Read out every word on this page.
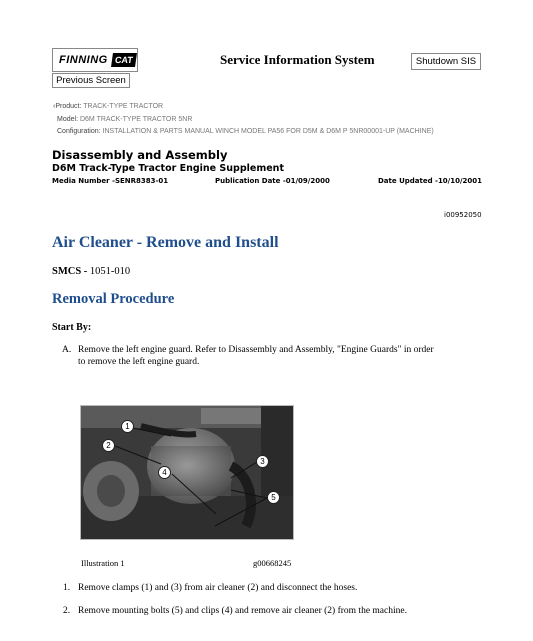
FINNING CAT	Service Information System	Shutdown SIS
Previous Screen
‹Product: TRACK-TYPE TRACTOR
Model: D6M TRACK-TYPE TRACTOR 5NR
Configuration: INSTALLATION & PARTS MANUAL WINCH MODEL PA56 FOR D5M & D6M P 5NR00001-UP (MACHINE)
Disassembly and Assembly
D6M Track-Type Tractor Engine Supplement
Media Number -SENR8383-01	Publication Date -01/09/2000	Date Updated -10/10/2001
i00952050
Air Cleaner - Remove and Install
SMCS - 1051-010
Removal Procedure
Start By:
A. Remove the left engine guard. Refer to Disassembly and Assembly, "Engine Guards" in order
to remove the left engine guard.
1
2
3
4
5
Illustration 1	g00668245
1. Remove clamps (1) and (3) from air cleaner (2) and disconnect the hoses.
2. Remove mounting bolts (5) and clips (4) and remove air cleaner (2) from the machine.
